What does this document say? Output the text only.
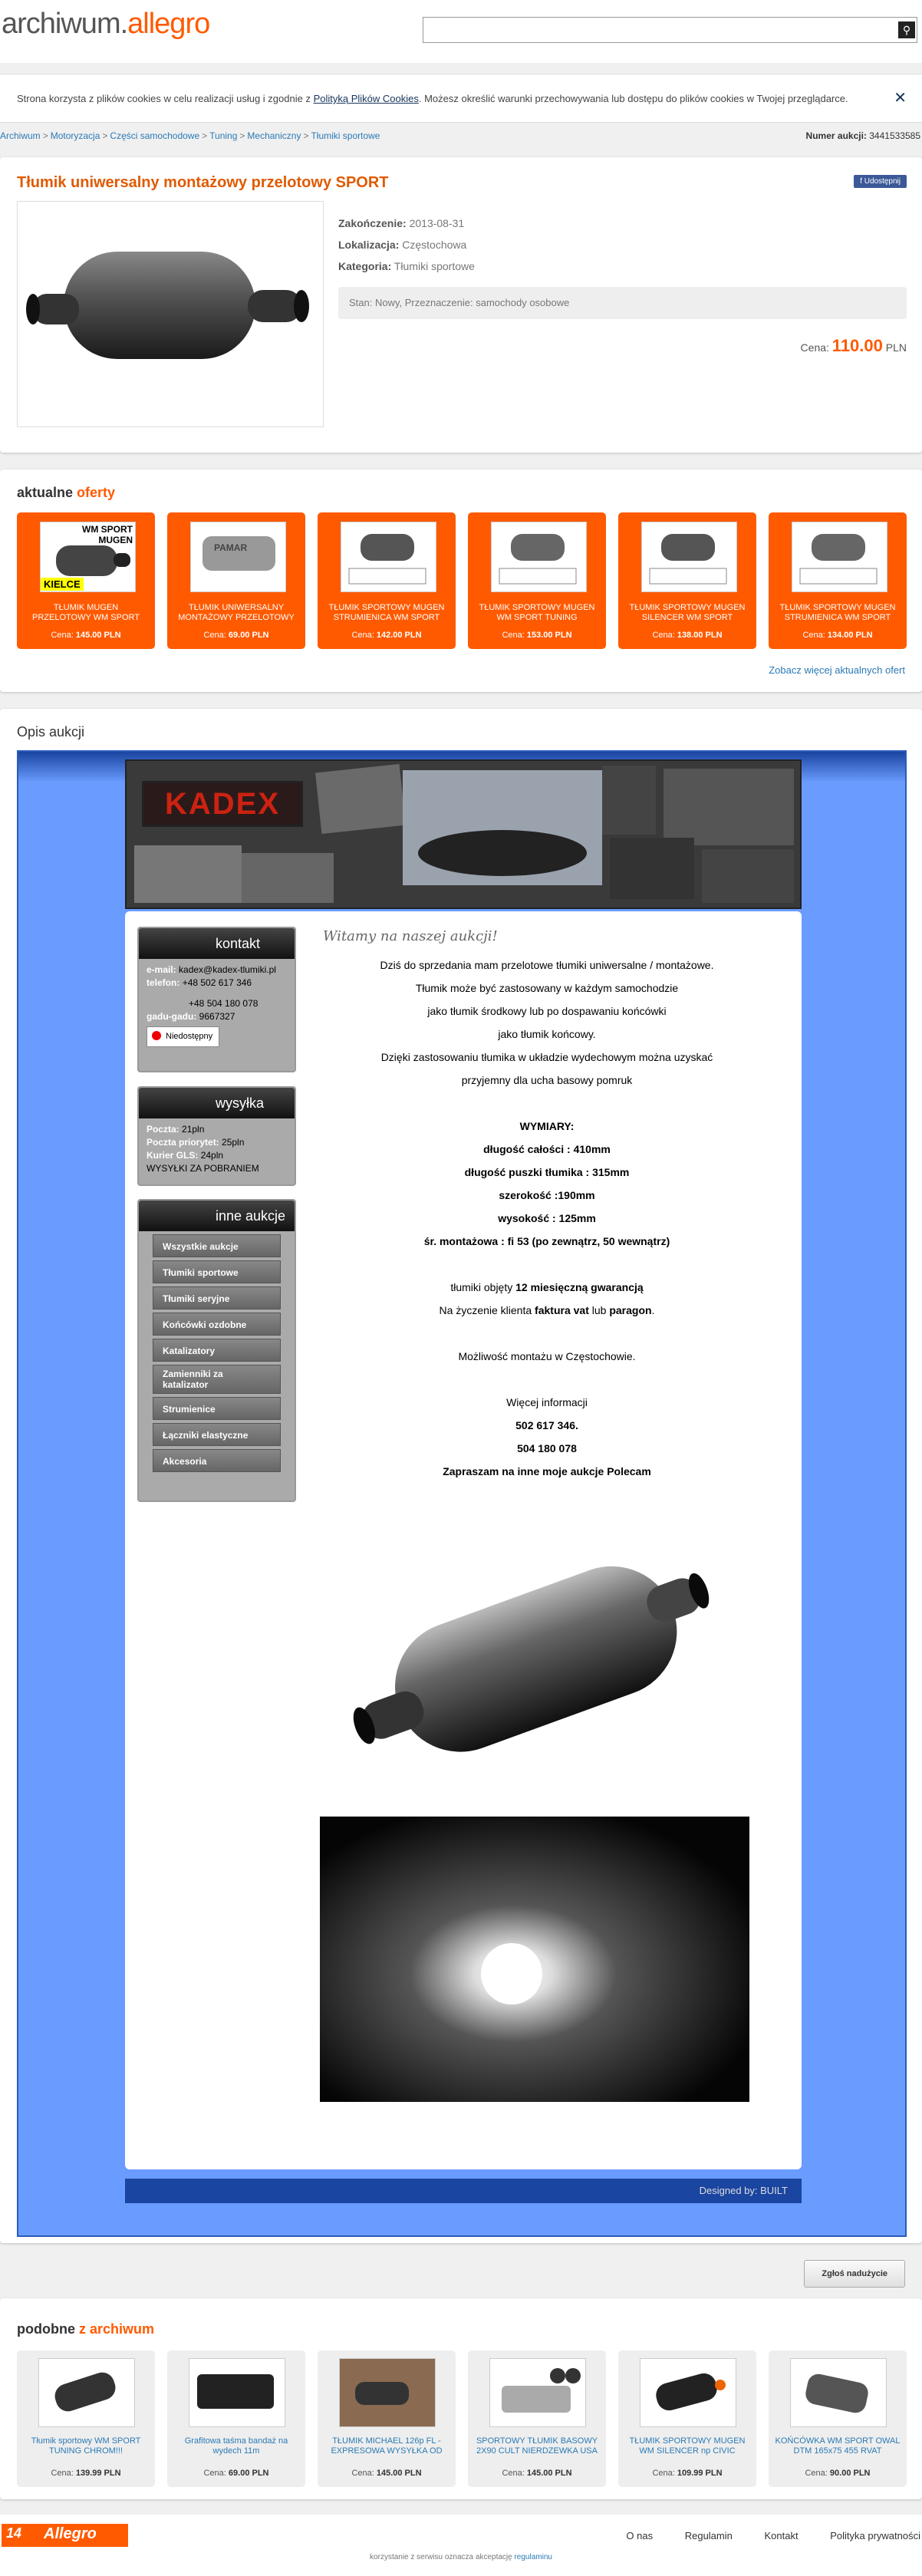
archiwum.allegro	⚲
Strona korzysta z plików cookies w celu realizacji usług i zgodnie z Polityką Plików Cookies. Możesz określić warunki przechowywania lub dostępu do plików cookies w Twojej przeglądarce.	✕
Archiwum > Motoryzacja > Części samochodowe > Tuning > Mechaniczny > Tłumiki sportowe	Numer aukcji: 3441533585
Tłumik uniwersalny montażowy przelotowy SPORT	f Udostępnij
Zakończenie: 2013-08-31
Lokalizacja: Częstochowa
Kategoria: Tłumiki sportowe
Stan: Nowy, Przeznaczenie: samochody osobowe
Cena: 110.00 PLN
aktualne oferty
WM SPORT MUGEN
KIELCE
TŁUMIK MUGEN PRZELOTOWY WM SPORT
Cena: 145.00 PLN
PAMAR
TŁUMIK UNIWERSALNY MONTAŻOWY PRZELOTOWY
Cena: 69.00 PLN
TŁUMIK SPORTOWY MUGEN STRUMIENICA WM SPORT
Cena: 142.00 PLN
TŁUMIK SPORTOWY MUGEN WM SPORT TUNING
Cena: 153.00 PLN
TŁUMIK SPORTOWY MUGEN SILENCER WM SPORT
Cena: 138.00 PLN
TŁUMIK SPORTOWY MUGEN STRUMIENICA WM SPORT
Cena: 134.00 PLN
Zobacz więcej aktualnych ofert
Opis aukcji
KADEX
kontakt
e-mail: kadex@kadex-tlumiki.pl
telefon: +48 502 617 346
+48 504 180 078
gadu-gadu: 9667327
Niedostępny
wysyłka
Poczta: 21pln
Poczta priorytet: 25pln
Kurier GLS: 24pln
WYSYŁKI ZA POBRANIEM
inne aukcje
Wszystkie aukcje
Tłumiki sportowe
Tłumiki seryjne
Końcówki ozdobne
Katalizatory
Zamienniki za katalizator
Strumienice
Łączniki elastyczne
Akcesoria
Witamy na naszej aukcji!
Dziś do sprzedania mam przelotowe tłumiki uniwersalne / montażowe.
Tłumik może być zastosowany w każdym samochodzie
jako tłumik środkowy lub po dospawaniu końcówki
jako tłumik końcowy.
Dzięki zastosowaniu tłumika w układzie wydechowym można uzyskać
przyjemny dla ucha basowy pomruk
WYMIARY:
długość całości : 410mm
długość puszki tłumika : 315mm
szerokość :190mm
wysokość : 125mm
śr. montażowa : fi 53 (po zewnątrz, 50 wewnątrz)
tłumiki objęty 12 miesięczną gwarancją
Na życzenie klienta faktura vat lub paragon.
Możliwość montażu w Częstochowie.
Więcej informacji
502 617 346.
504 180 078
Zapraszam na inne moje aukcje Polecam
Designed by: BUILT
Zgłoś nadużycie
podobne z archiwum
Tłumik sportowy WM SPORT TUNING CHROM!!!
Cena: 139.99 PLN
Grafitowa taśma bandaż na wydech 11m
Cena: 69.00 PLN
TŁUMIK MICHAEL 126p FL - EXPRESOWA WYSYŁKA OD
Cena: 145.00 PLN
SPORTOWY TŁUMIK BASOWY 2X90 CULT NIERDZEWKA USA
Cena: 145.00 PLN
TŁUMIK SPORTOWY MUGEN WM SILENCER np CIVIC
Cena: 109.99 PLN
KOŃCÓWKA WM SPORT OWAL DTM 165x75 455 RVAT
Cena: 90.00 PLN
14 Allegro	O nas	Regulamin	Kontakt	Polityka prywatności
korzystanie z serwisu oznacza akceptację regulaminu
